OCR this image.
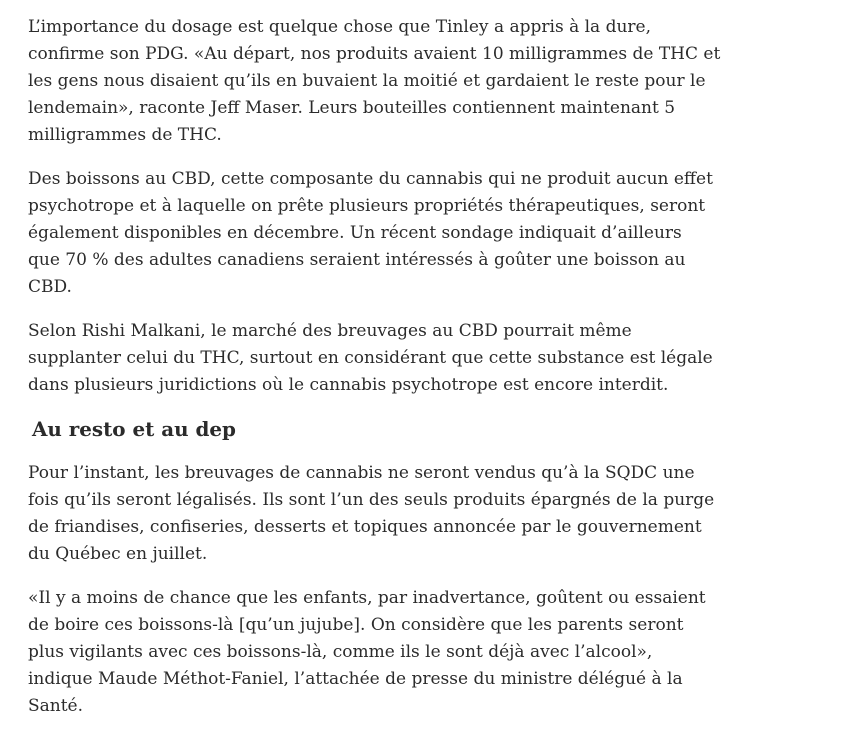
L’importance du dosage est quelque chose que Tinley a appris à la dure,
confirme son PDG. «Au départ, nos produits avaient 10 milligrammes de THC et
les gens nous disaient qu’ils en buvaient la moitié et gardaient le reste pour le
lendemain», raconte Jeff Maser. Leurs bouteilles contiennent maintenant 5
milligrammes de THC.

Des boissons au CBD, cette composante du cannabis qui ne produit aucun effet
psychotrope et à laquelle on prête plusieurs propriétés thérapeutiques, seront
également disponibles en décembre. Un récent sondage indiquait d’ailleurs
que 70 % des adultes canadiens seraient intéressés à goûter une boisson au
CBD.

Selon Rishi Malkani, le marché des breuvages au CBD pourrait même
supplanter celui du THC, surtout en considérant que cette substance est légale
dans plusieurs juridictions où le cannabis psychotrope est encore interdit.

Au resto et au dep

Pour l’instant, les breuvages de cannabis ne seront vendus qu’à la SQDC une
fois qu’ils seront légalisés. Ils sont l’un des seuls produits épargnés de la purge
de friandises, confiseries, desserts et topiques annoncée par le gouvernement
du Québec en juillet.

«Il y a moins de chance que les enfants, par inadvertance, goûtent ou essaient
de boire ces boissons-là [qu’un jujube]. On considère que les parents seront
plus vigilants avec ces boissons-là, comme ils le sont déjà avec l’alcool»,
indique Maude Méthot-Faniel, l’attachée de presse du ministre délégué à la
Santé.
